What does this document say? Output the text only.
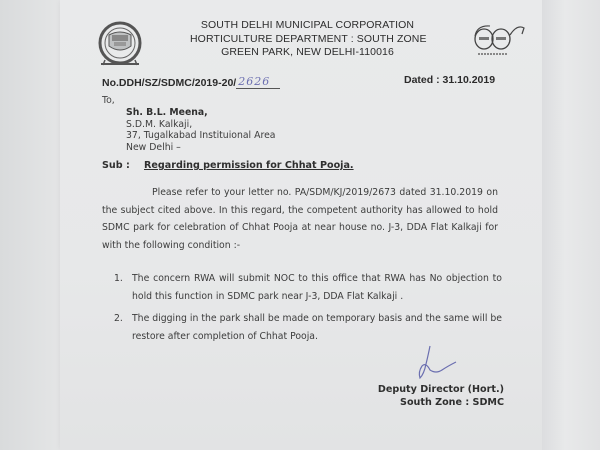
SOUTH DELHI MUNICIPAL CORPORATION
HORTICULTURE DEPARTMENT : SOUTH ZONE
GREEN PARK, NEW DELHI-110016
No.DDH/SZ/SDMC/2019-20/ 2626	Dated : 31.10.2019
To,
Sh. B.L. Meena,
S.D.M. Kalkaji,
37, Tugalkabad Instituional Area
New Delhi –
Sub : Regarding permission for Chhat Pooja.
Please refer to your letter no. PA/SDM/KJ/2019/2673 dated 31.10.2019 on the subject cited above. In this regard, the competent authority has allowed to hold SDMC park for celebration of Chhat Pooja at near house no. J-3, DDA Flat Kalkaji for with the following condition :-
1. The concern RWA will submit NOC to this office that RWA has No objection to hold this function in SDMC park near J-3, DDA Flat Kalkaji .
2. The digging in the park shall be made on temporary basis and the same will be restore after completion of Chhat Pooja.
Deputy Director (Hort.)
South Zone : SDMC
